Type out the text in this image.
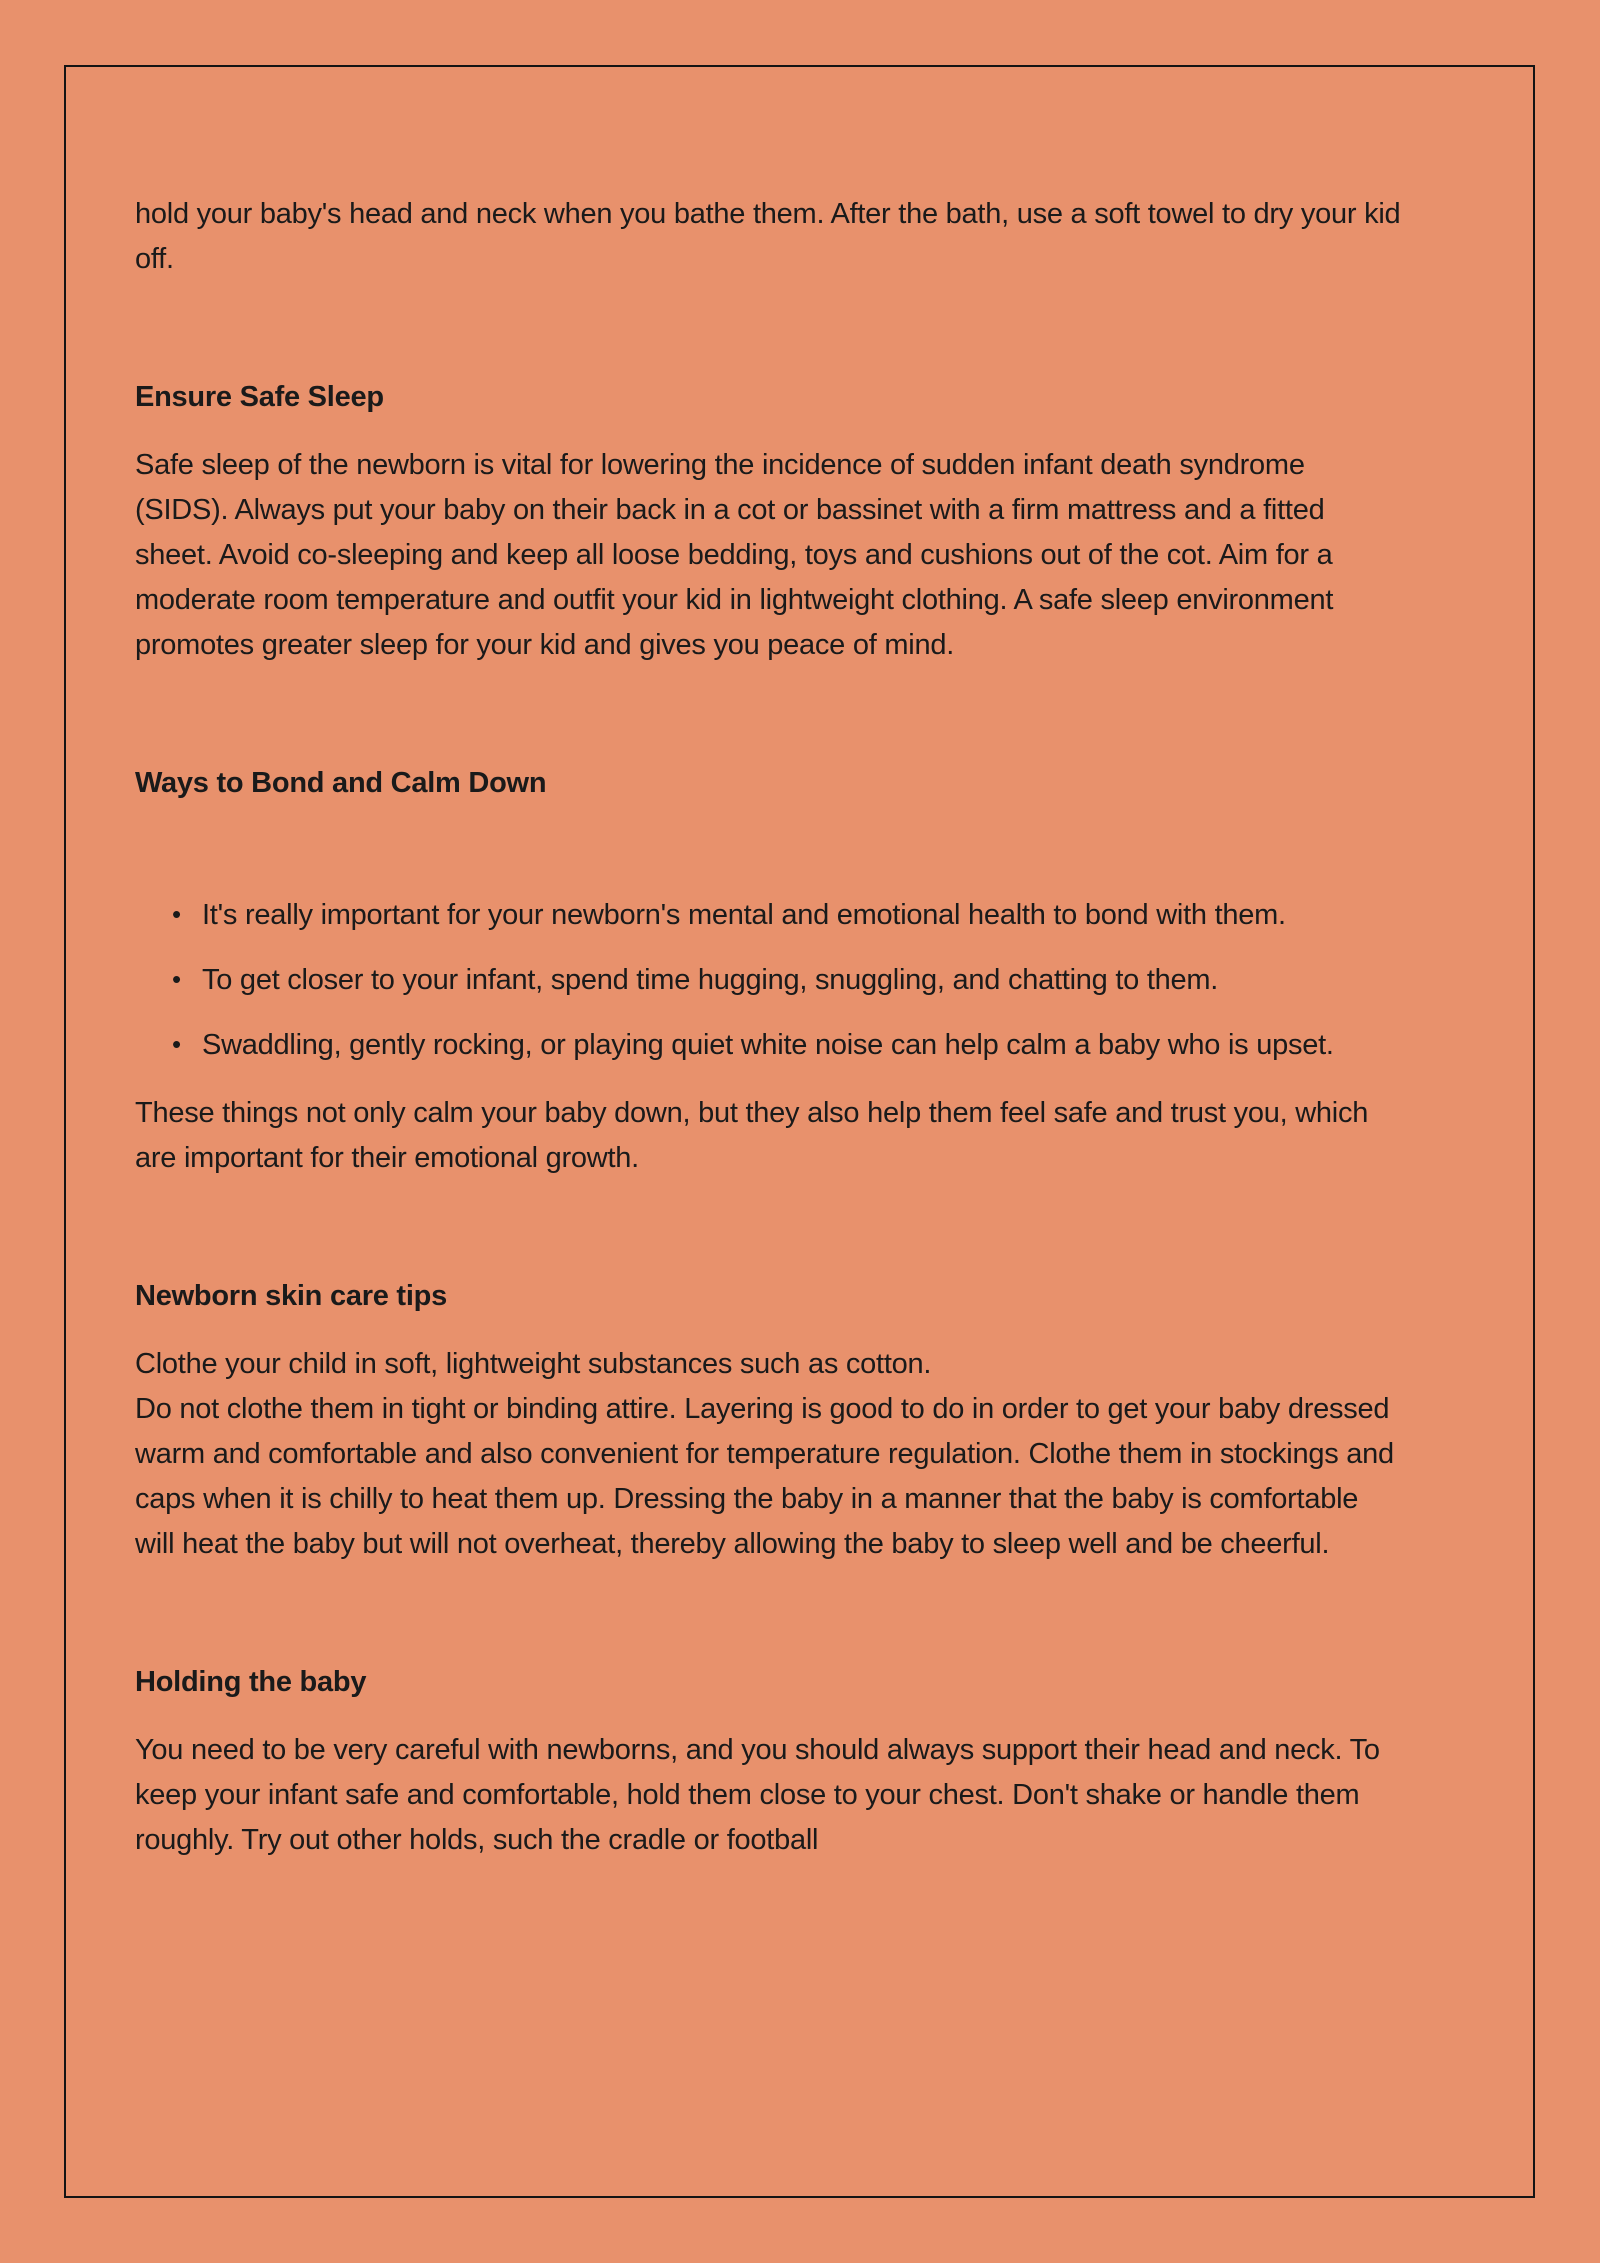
hold your baby's head and neck when you bathe them. After the bath, use a soft towel to dry your kid off.

Ensure Safe Sleep

Safe sleep of the newborn is vital for lowering the incidence of sudden infant death syndrome (SIDS). Always put your baby on their back in a cot or bassinet with a firm mattress and a fitted sheet. Avoid co-sleeping and keep all loose bedding, toys and cushions out of the cot. Aim for a moderate room temperature and outfit your kid in lightweight clothing. A safe sleep environment promotes greater sleep for your kid and gives you peace of mind.

Ways to Bond and Calm Down
• It's really important for your newborn's mental and emotional health to bond with them.
• To get closer to your infant, spend time hugging, snuggling, and chatting to them.
• Swaddling, gently rocking, or playing quiet white noise can help calm a baby who is upset.

These things not only calm your baby down, but they also help them feel safe and trust you, which are important for their emotional growth.

Newborn skin care tips

Clothe your child in soft, lightweight substances such as cotton.
Do not clothe them in tight or binding attire. Layering is good to do in order to get your baby dressed warm and comfortable and also convenient for temperature regulation. Clothe them in stockings and caps when it is chilly to heat them up. Dressing the baby in a manner that the baby is comfortable will heat the baby but will not overheat, thereby allowing the baby to sleep well and be cheerful.

Holding the baby

You need to be very careful with newborns, and you should always support their head and neck. To keep your infant safe and comfortable, hold them close to your chest. Don't shake or handle them roughly. Try out other holds, such the cradle or football
